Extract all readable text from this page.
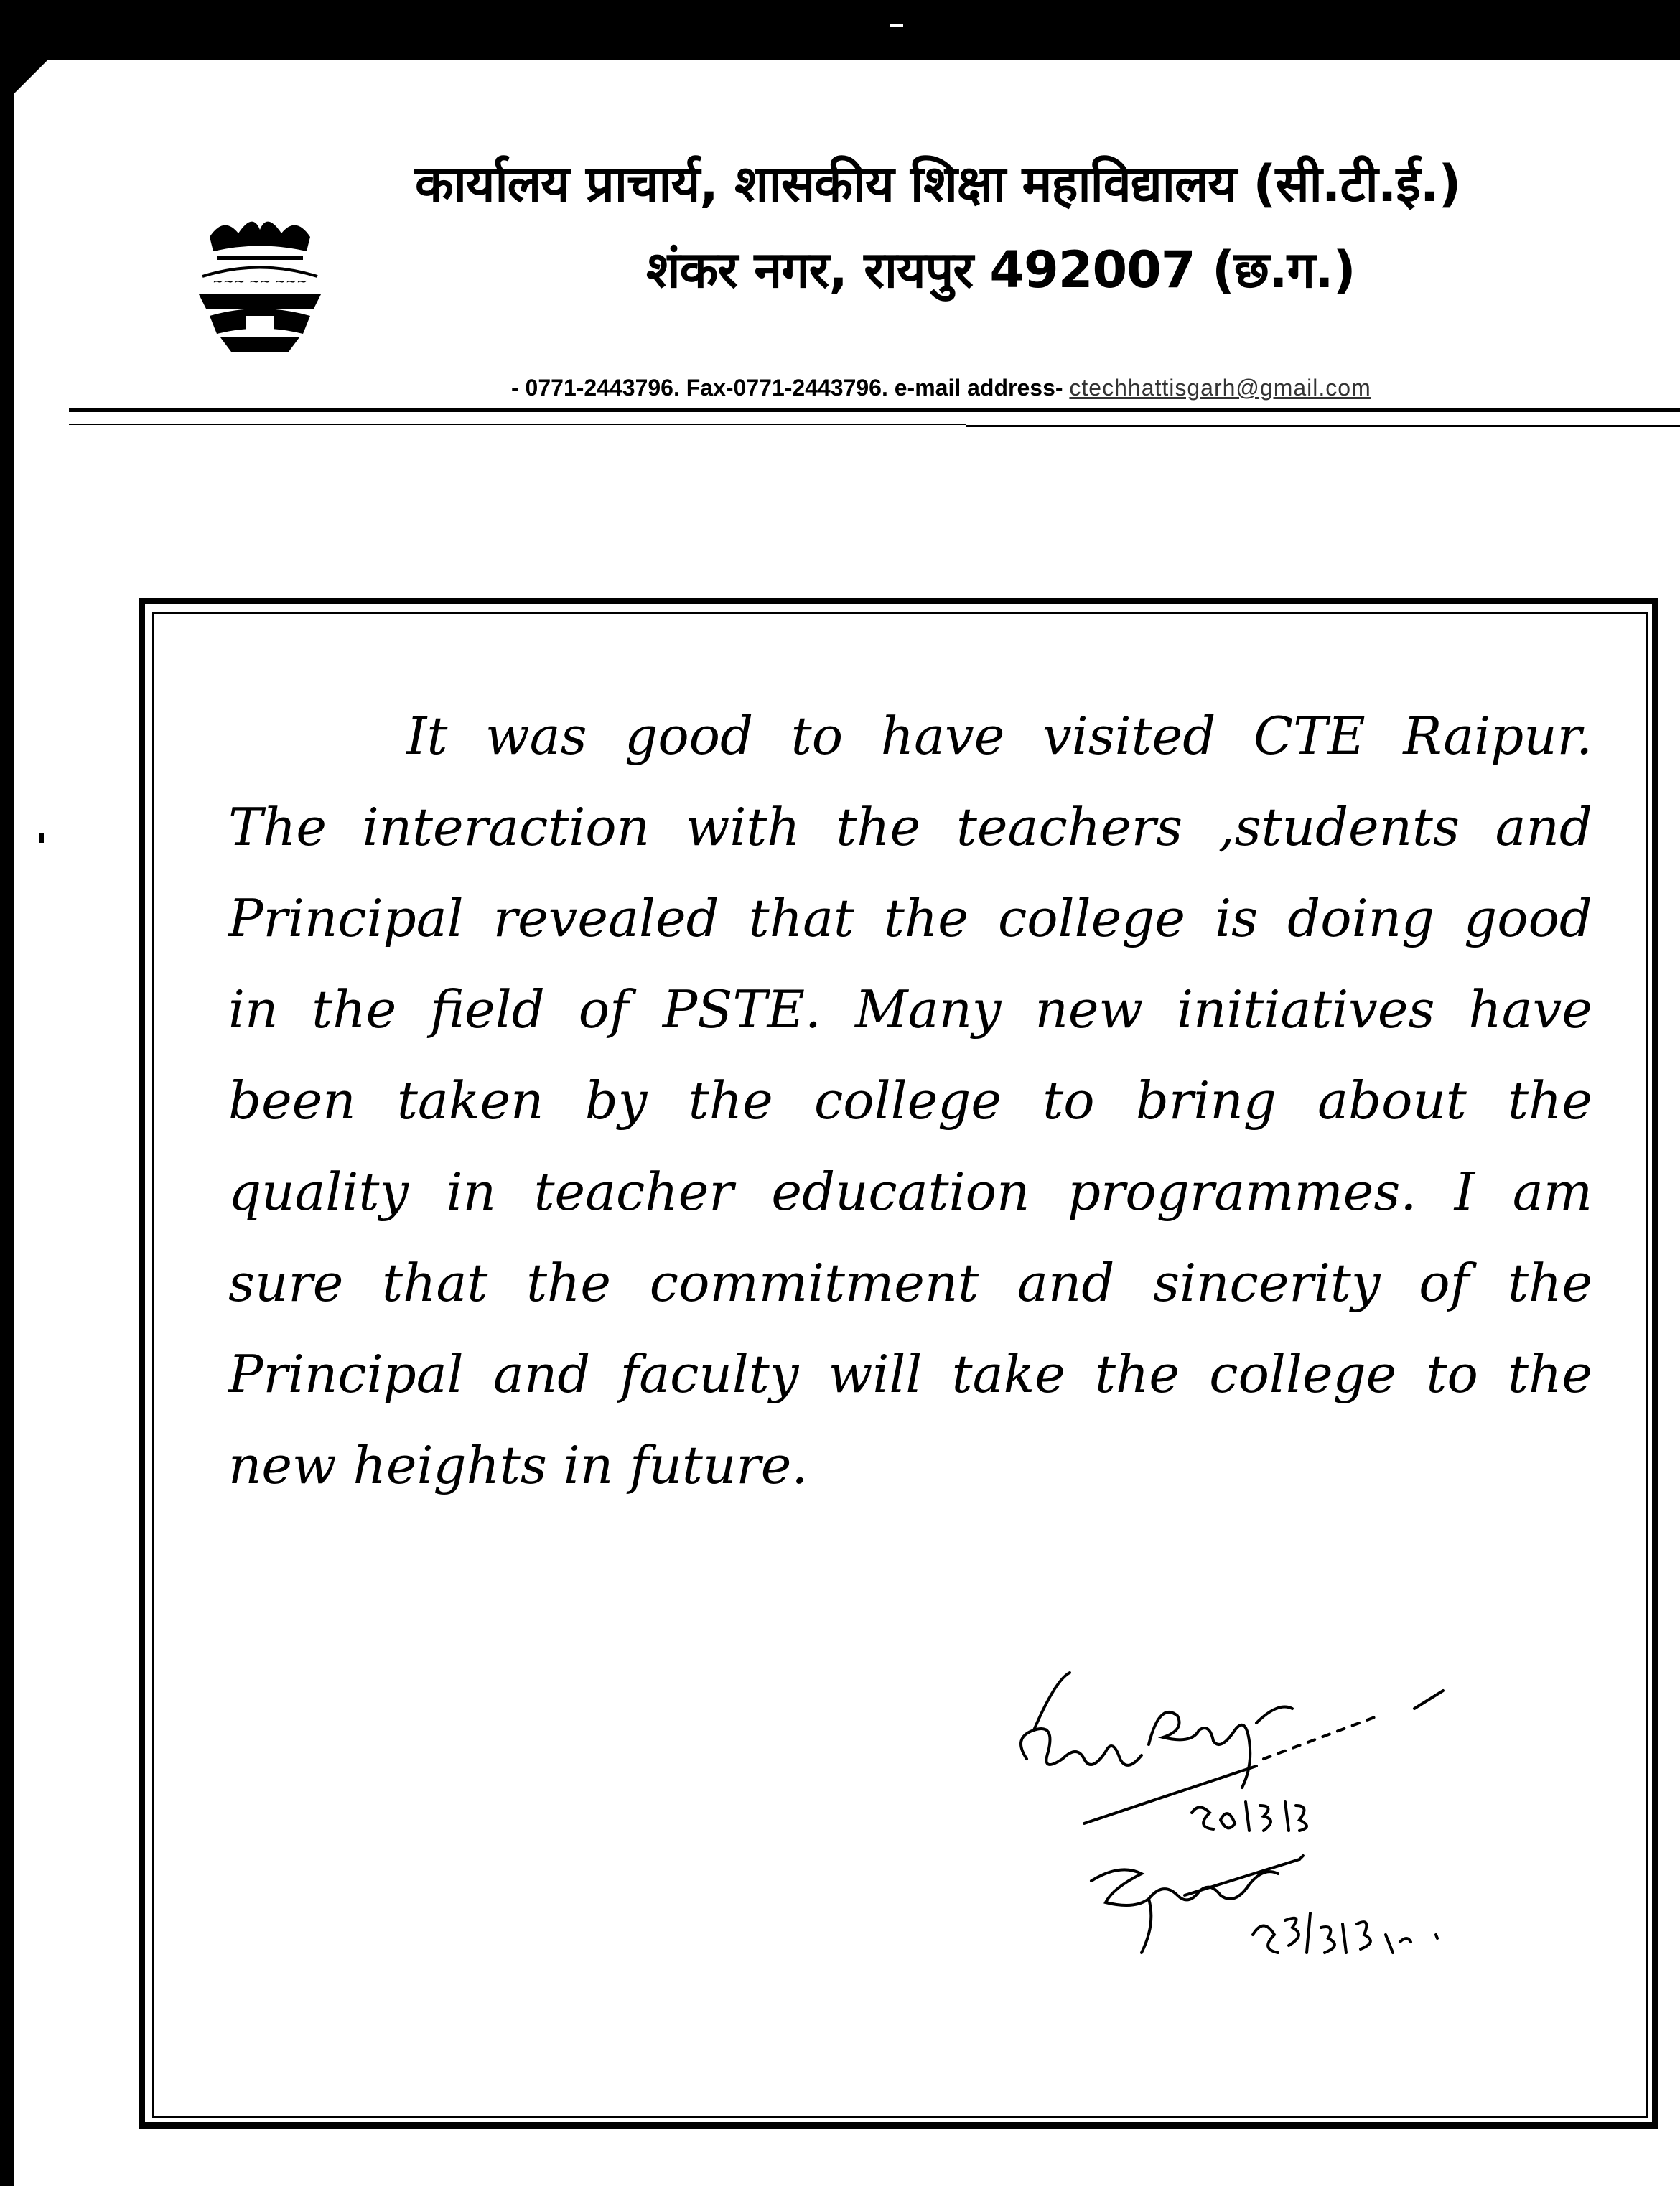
~~~ ~~ ~~~
कार्यालय प्राचार्य, शासकीय शिक्षा महाविद्यालय (सी.टी.ई.)
शंकर नगर, रायपुर 492007 (छ.ग.)
- 0771-2443796. Fax-0771-2443796. e-mail address- ctechhattisgarh@gmail.com
It was good to have visited CTE Raipur.
The interaction with the teachers ,students and
Principal revealed that the college is doing good
in the field of PSTE. Many new initiatives have
been taken by the college to bring about the
quality in teacher education programmes. I am
sure that the commitment and sincerity of the
Principal and faculty will take the college to the
new heights in future.
